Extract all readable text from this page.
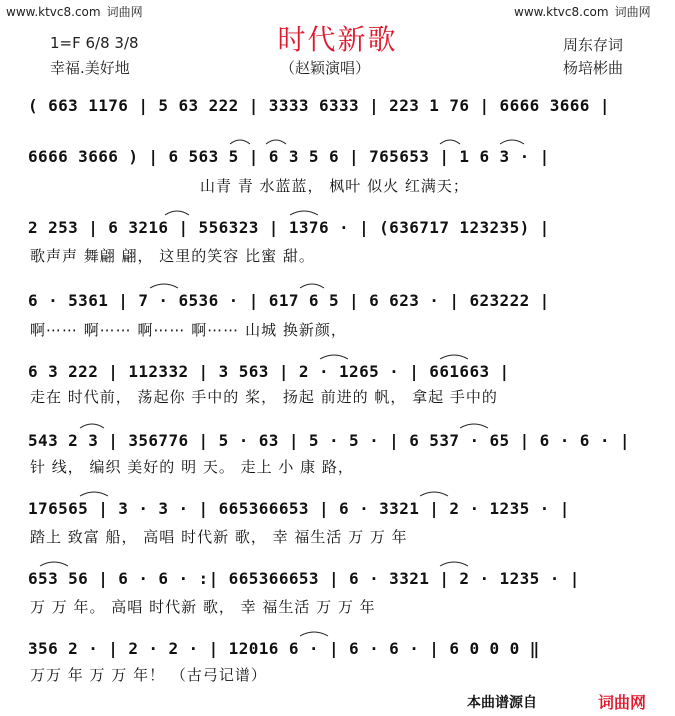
www.ktvc8.com 词曲网	www.ktvc8.com 词曲网
时代新歌
1=F 6/8 3/8
幸福.美好地	（赵颖演唱）
周东存词
杨培彬曲
( 663 1176 | 5 63 222 | 3333 6333 | 223 1 76 | 6666 3666 |
6666 3666 ) | 6 563 5 | 6 3 5 6 | 765653 | 1 6 3 · |
山青 青 水蓝蓝， 枫叶 似火 红满天；
2 253 | 6 3216 | 556323 | 1376 · | (636717 123235) |
歌声声 舞翩 翩， 这里的笑容 比蜜 甜。
6 · 5361 | 7 · 6536 · | 617 6 5 | 6 623 · | 623222 |
啊⋯⋯ 啊⋯⋯ 啊⋯⋯ 啊⋯⋯ 山城 换新颜，
6 3 222 | 112332 | 3 563 | 2 · 1265 · | 661663 |
走在 时代前， 荡起你 手中的 桨， 扬起 前进的 帆， 拿起 手中的
543 2 3 | 356776 | 5 · 63 | 5 · 5 · | 6 537 · 65 | 6 · 6 · |
针 线， 编织 美好的 明 天。 走上 小 康 路，
176565 | 3 · 3 · | 665366653 | 6 · 3321 | 2 · 1235 · |
踏上 致富 船， 高唱 时代新 歌， 幸 福生活 万 万 年
653 56 | 6 · 6 · :| 665366653 | 6 · 3321 | 2 · 1235 · |
万 万 年。 高唱 时代新 歌， 幸 福生活 万 万 年
356 2 · | 2 · 2 · | 12016 6 · | 6 · 6 · | 6 0 0 0 ‖
万万 年 万 万 年！ （古弓记谱）
本曲谱源自	词曲网
